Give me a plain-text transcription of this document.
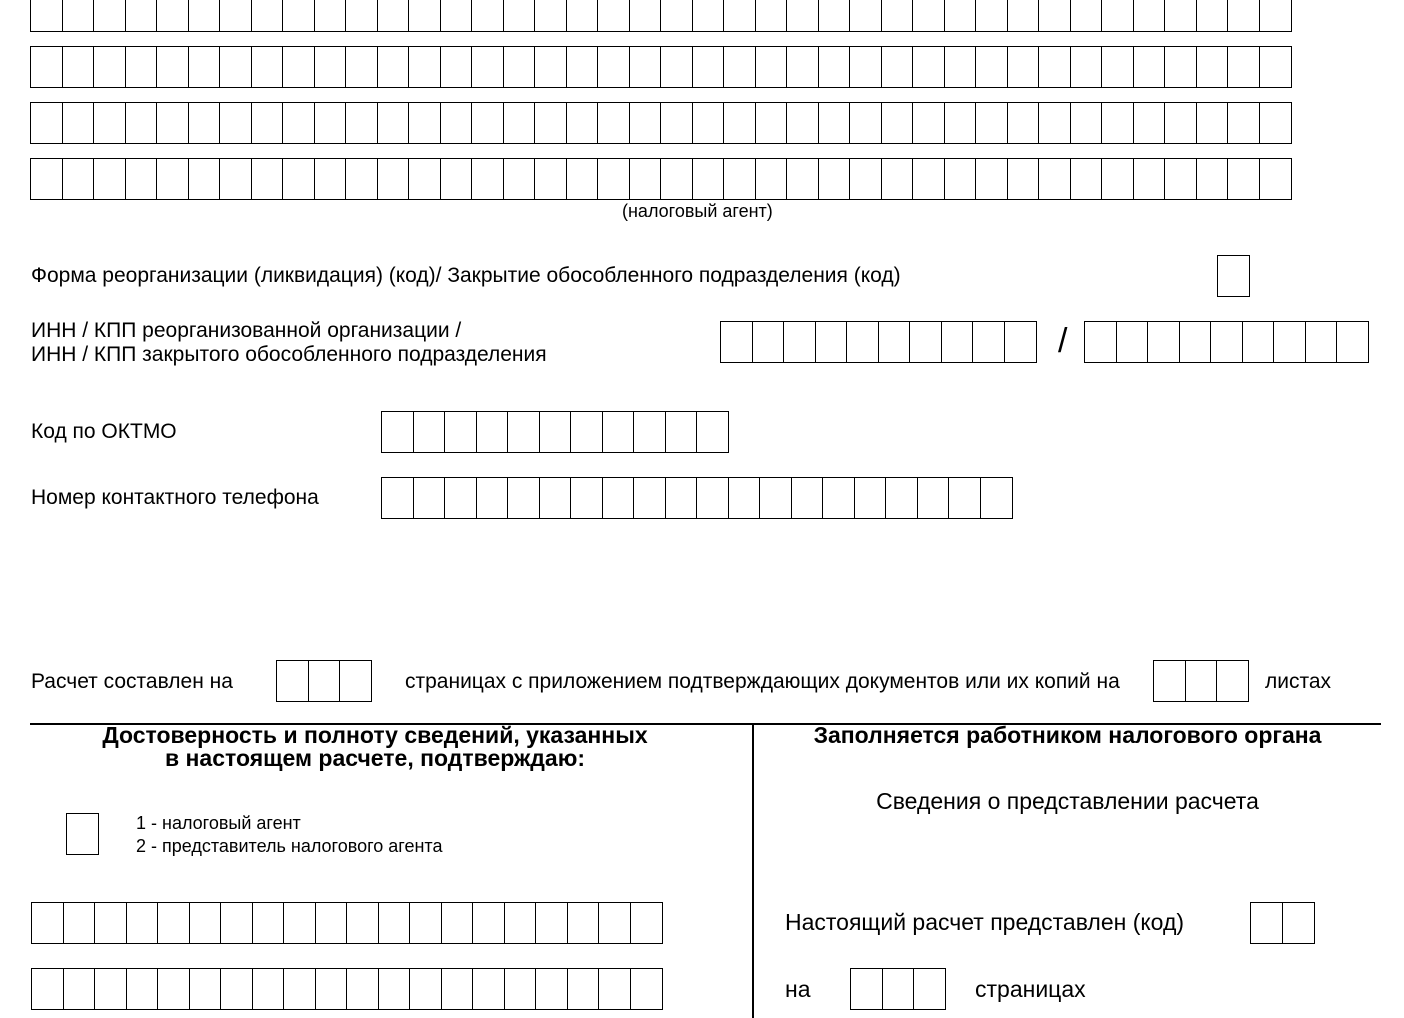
(налоговый агент)
Форма реорганизации (ликвидация) (код)/ Закрытие обособленного подразделения (код)
ИНН / КПП реорганизованной организации /
ИНН / КПП закрытого обособленного подразделения	/
Код по ОКТМО
Номер контактного телефона
Расчет составлен на	страницах с приложением подтверждающих документов или их копий на	листах
Достоверность и полноту сведений, указанных
в настоящем расчете, подтверждаю:
1 - налоговый агент
2 - представитель налогового агента
Заполняется работником налогового органа
Сведения о представлении расчета
Настоящий расчет представлен (код)
на	страницах
